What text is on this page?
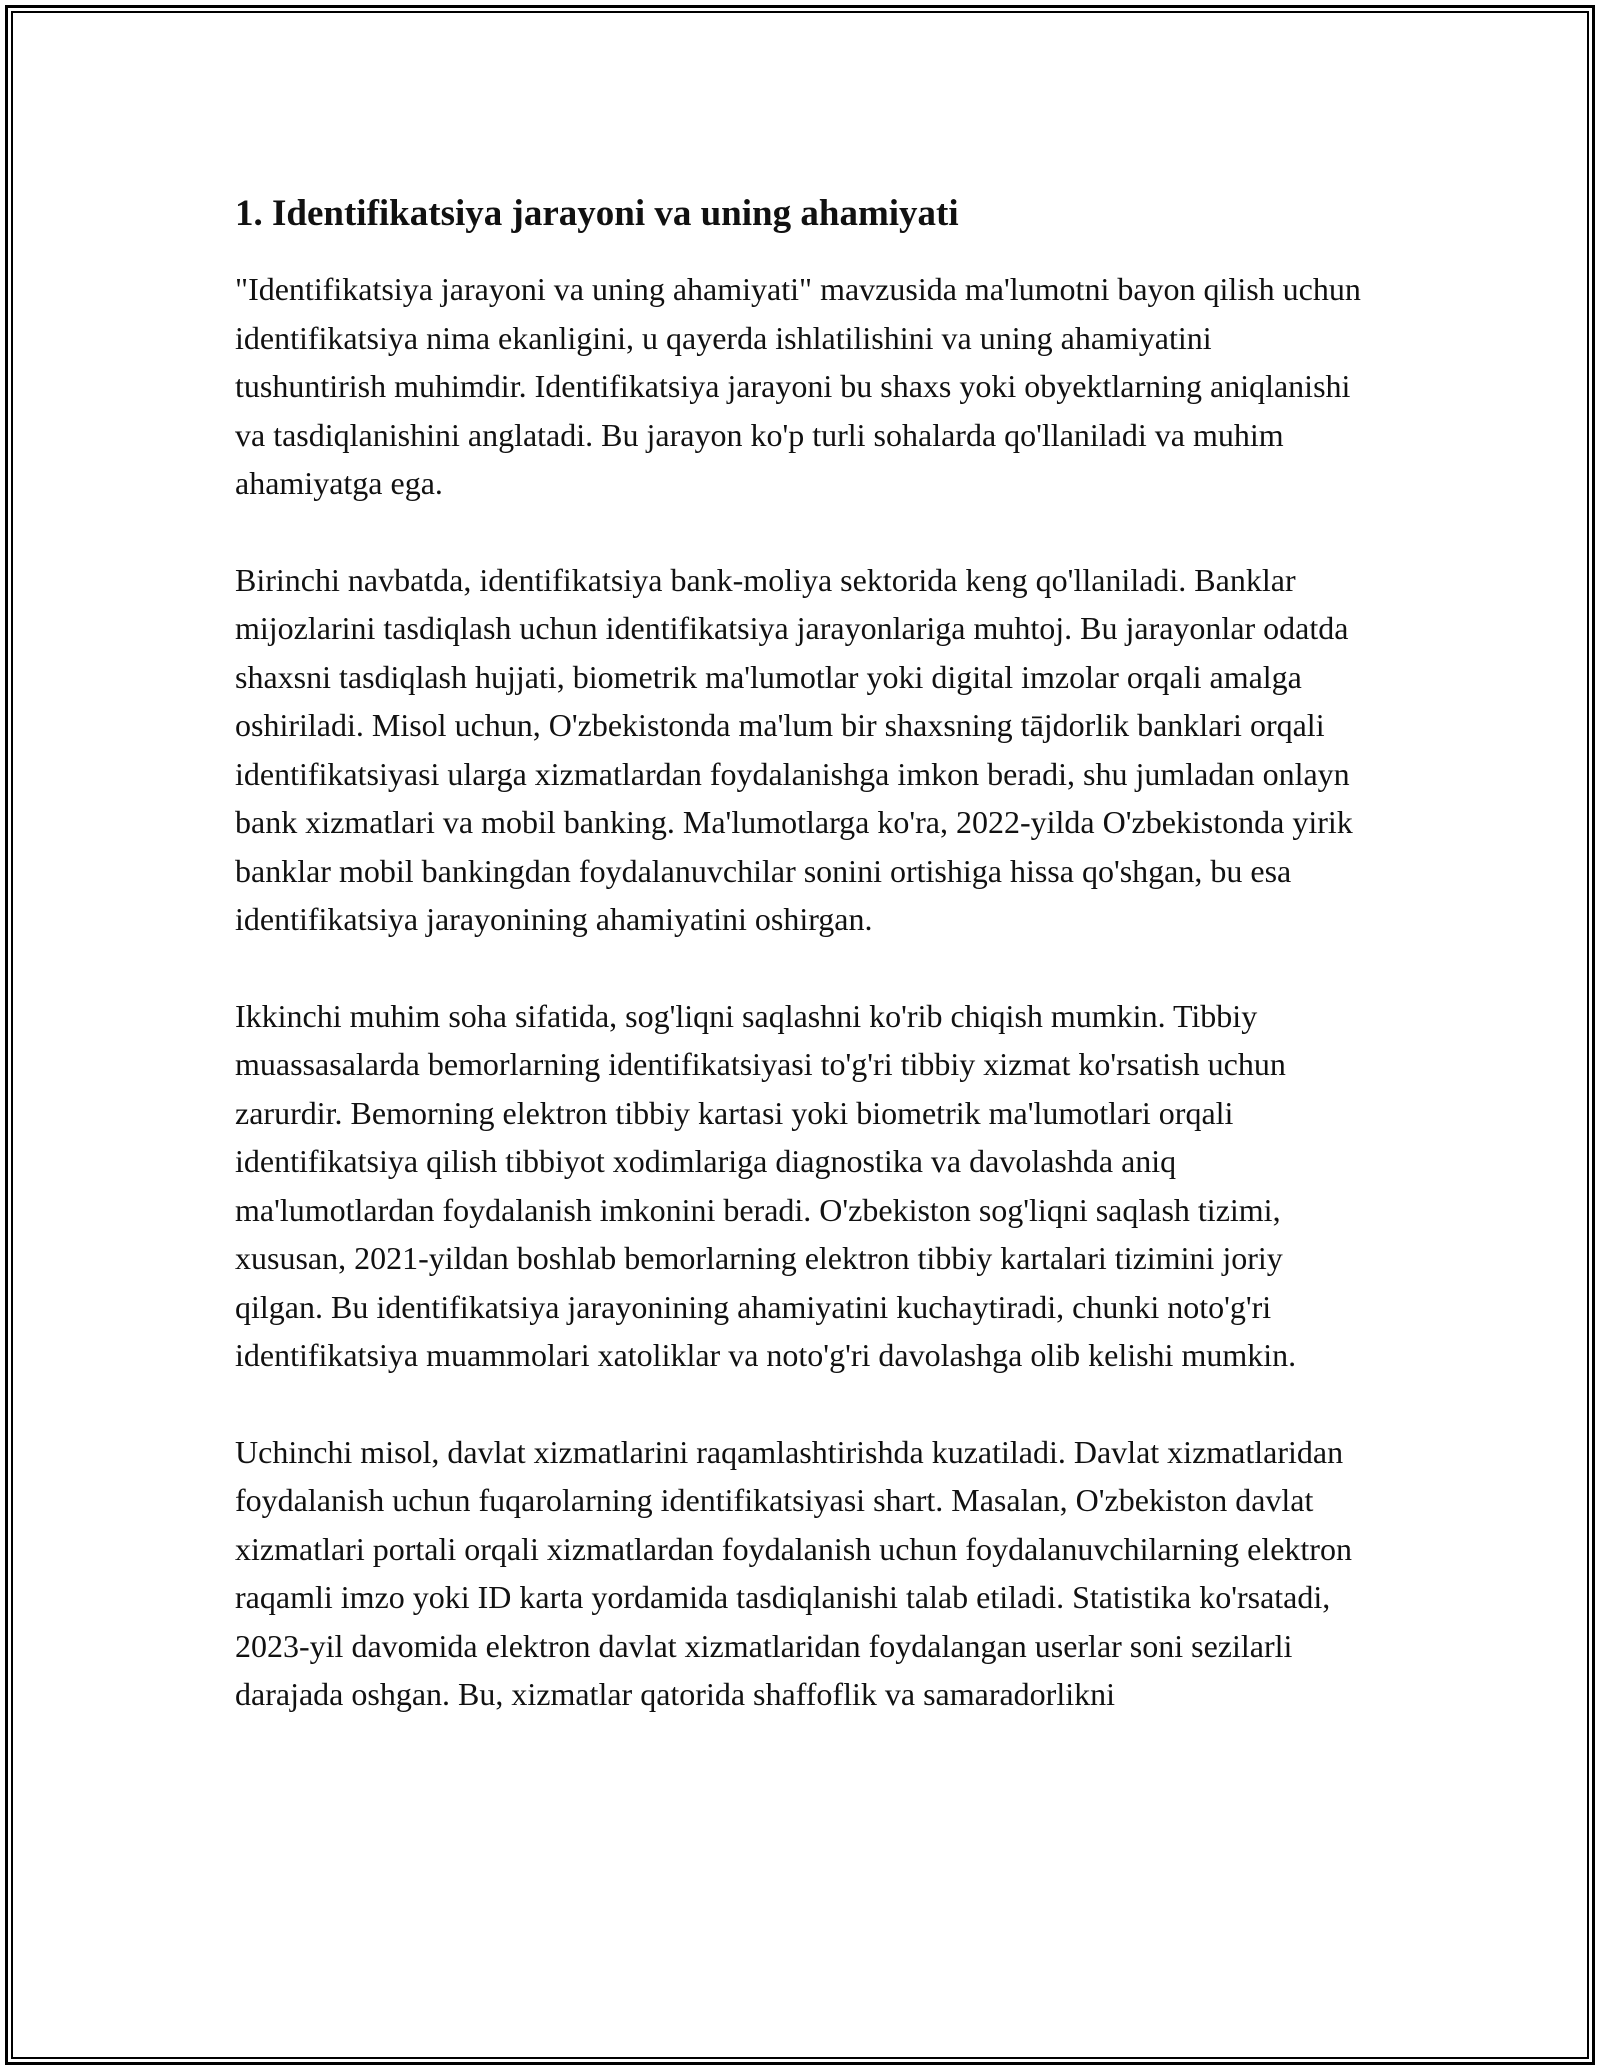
1. Identifikatsiya jarayoni va uning ahamiyati

"Identifikatsiya jarayoni va uning ahamiyati" mavzusida ma'lumotni bayon qilish uchun identifikatsiya nima ekanligini, u qayerda ishlatilishini va uning ahamiyatini tushuntirish muhimdir. Identifikatsiya jarayoni bu shaxs yoki obyektlarning aniqlanishi va tasdiqlanishini anglatadi. Bu jarayon ko'p turli sohalarda qo'llaniladi va muhim ahamiyatga ega.

Birinchi navbatda, identifikatsiya bank-moliya sektorida keng qo'llaniladi. Banklar mijozlarini tasdiqlash uchun identifikatsiya jarayonlariga muhtoj. Bu jarayonlar odatda shaxsni tasdiqlash hujjati, biometrik ma'lumotlar yoki digital imzolar orqali amalga oshiriladi. Misol uchun, O'zbekistonda ma'lum bir shaxsning tājdorlik banklari orqali identifikatsiyasi ularga xizmatlardan foydalanishga imkon beradi, shu jumladan onlayn bank xizmatlari va mobil banking. Ma'lumotlarga ko'ra, 2022-yilda O'zbekistonda yirik banklar mobil bankingdan foydalanuvchilar sonini ortishiga hissa qo'shgan, bu esa identifikatsiya jarayonining ahamiyatini oshirgan.

Ikkinchi muhim soha sifatida, sog'liqni saqlashni ko'rib chiqish mumkin. Tibbiy muassasalarda bemorlarning identifikatsiyasi to'g'ri tibbiy xizmat ko'rsatish uchun zarurdir. Bemorning elektron tibbiy kartasi yoki biometrik ma'lumotlari orqali identifikatsiya qilish tibbiyot xodimlariga diagnostika va davolashda aniq ma'lumotlardan foydalanish imkonini beradi. O'zbekiston sog'liqni saqlash tizimi, xususan, 2021-yildan boshlab bemorlarning elektron tibbiy kartalari tizimini joriy qilgan. Bu identifikatsiya jarayonining ahamiyatini kuchaytiradi, chunki noto'g'ri identifikatsiya muammolari xatoliklar va noto'g'ri davolashga olib kelishi mumkin.

Uchinchi misol, davlat xizmatlarini raqamlashtirishda kuzatiladi. Davlat xizmatlaridan foydalanish uchun fuqarolarning identifikatsiyasi shart. Masalan, O'zbekiston davlat xizmatlari portali orqali xizmatlardan foydalanish uchun foydalanuvchilarning elektron raqamli imzo yoki ID karta yordamida tasdiqlanishi talab etiladi. Statistika ko'rsatadi, 2023-yil davomida elektron davlat xizmatlaridan foydalangan userlar soni sezilarli darajada oshgan. Bu, xizmatlar qatorida shaffoflik va samaradorlikni
